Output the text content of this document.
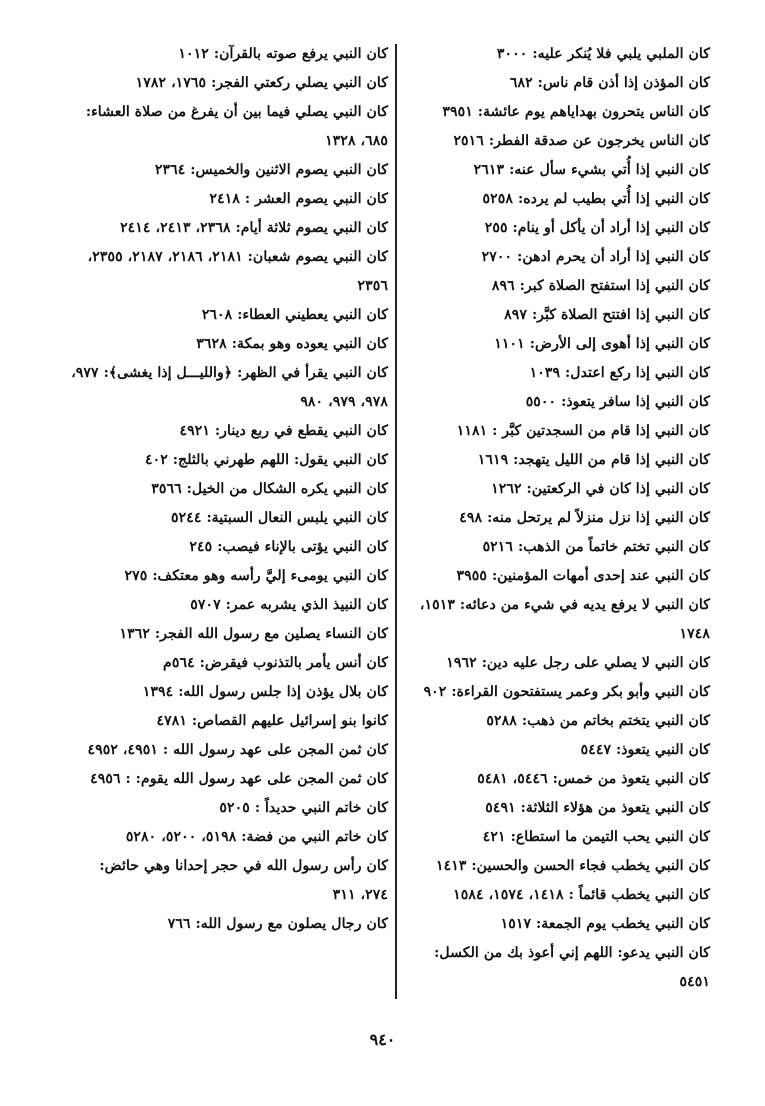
كان الملبي يلبي فلا يُنكر عليه: ٣٠٠٠
كان المؤذن إذا أذن قام ناس: ٦٨٢
كان الناس يتحرون بهداياهم يوم عائشة: ٣٩٥١
كان الناس يخرجون عن صدقة الفطر: ٢٥١٦
كان النبي إذا أُتي بشيء سأل عنه: ٢٦١٣
كان النبي إذا أُتي بطيب لم يرده: ٥٢٥٨
كان النبي إذا أراد أن يأكل أو ينام: ٢٥٥
كان النبي إذا أراد أن يحرم ادهن: ٢٧٠٠
كان النبي إذا استفتح الصلاة كبر: ٨٩٦
كان النبي إذا افتتح الصلاة كبَّر: ٨٩٧
كان النبي إذا أهوى إلى الأرض: ١١٠١
كان النبي إذا ركع اعتدل: ١٠٣٩
كان النبي إذا سافر يتعوذ: ٥٥٠٠
كان النبي إذا قام من السجدتين كبَّر : ١١٨١
كان النبي إذا قام من الليل يتهجد: ١٦١٩
كان النبي إذا كان في الركعتين: ١٢٦٢
كان النبي إذا نزل منزلاً لم يرتحل منه: ٤٩٨
كان النبي تختم خاتماً من الذهب: ٥٢١٦
كان النبي عند إحدى أمهات المؤمنين: ٣٩٥٥
كان النبي لا يرفع يديه في شيء من دعائه: ١٥١٣، ١٧٤٨
كان النبي لا يصلي على رجل عليه دين: ١٩٦٢
كان النبي وأبو بكر وعمر يستفتحون القراءة: ٩٠٢
كان النبي يتختم بخاتم من ذهب: ٥٢٨٨
كان النبي يتعوذ: ٥٤٤٧
كان النبي يتعوذ من خمس: ٥٤٤٦، ٥٤٨١
كان النبي يتعوذ من هؤلاء الثلاثة: ٥٤٩١
كان النبي يحب التيمن ما استطاع: ٤٢١
كان النبي يخطب فجاء الحسن والحسين: ١٤١٣
كان النبي يخطب قائماً : ١٤١٨، ١٥٧٤، ١٥٨٤
كان النبي يخطب يوم الجمعة: ١٥١٧
كان النبي يدعو: اللهم إني أعوذ بك من الكسل: ٥٤٥١
كان النبي يرفع صوته بالقرآن: ١٠١٢
كان النبي يصلي ركعتي الفجر: ١٧٦٥، ١٧٨٢
كان النبي يصلي فيما بين أن يفرغ من صلاة العشاء: ٦٨٥، ١٣٢٨
كان النبي يصوم الاثنين والخميس: ٢٣٦٤
كان النبي يصوم العشر : ٢٤١٨
كان النبي يصوم ثلاثة أيام: ٢٣٦٨، ٢٤١٣، ٢٤١٤
كان النبي يصوم شعبان: ٢١٨١، ٢١٨٦، ٢١٨٧، ٢٣٥٥، ٢٣٥٦
كان النبي يعطيني العطاء: ٢٦٠٨
كان النبي يعوده وهو بمكة: ٣٦٢٨
كان النبي يقرأ في الظهر: ﴿والليـــل إذا يغشى﴾: ٩٧٧، ٩٧٨، ٩٧٩، ٩٨٠
كان النبي يقطع في ربع دينار: ٤٩٢١
كان النبي يقول: اللهم طهرني بالثلج: ٤٠٢
كان النبي يكره الشكال من الخيل: ٣٥٦٦
كان النبي يلبس النعال السبتية: ٥٢٤٤
كان النبي يؤتى بالإناء فيصب: ٢٤٥
كان النبي يومىء إليَّ رأسه وهو معتكف: ٢٧٥
كان النبيذ الذي يشربه عمر: ٥٧٠٧
كان النساء يصلين مع رسول الله الفجر: ١٣٦٢
كان أنس يأمر بالتذنوب فيقرض: ٥٦٤م
كان بلال يؤذن إذا جلس رسول الله: ١٣٩٤
كانوا بنو إسرائيل عليهم القصاص: ٤٧٨١
كان ثمن المجن على عهد رسول الله : ٤٩٥١، ٤٩٥٢
كان ثمن المجن على عهد رسول الله يقوم: : ٤٩٥٦
كان خاتم النبي حديداً : ٥٢٠٥
كان خاتم النبي من فضة: ٥١٩٨، ٥٢٠٠، ٥٢٨٠
كان رأس رسول الله في حجر إحدانا وهي حائض: ٢٧٤، ٣١١
كان رجال يصلون مع رسول الله: ٧٦٦
٩٤٠
